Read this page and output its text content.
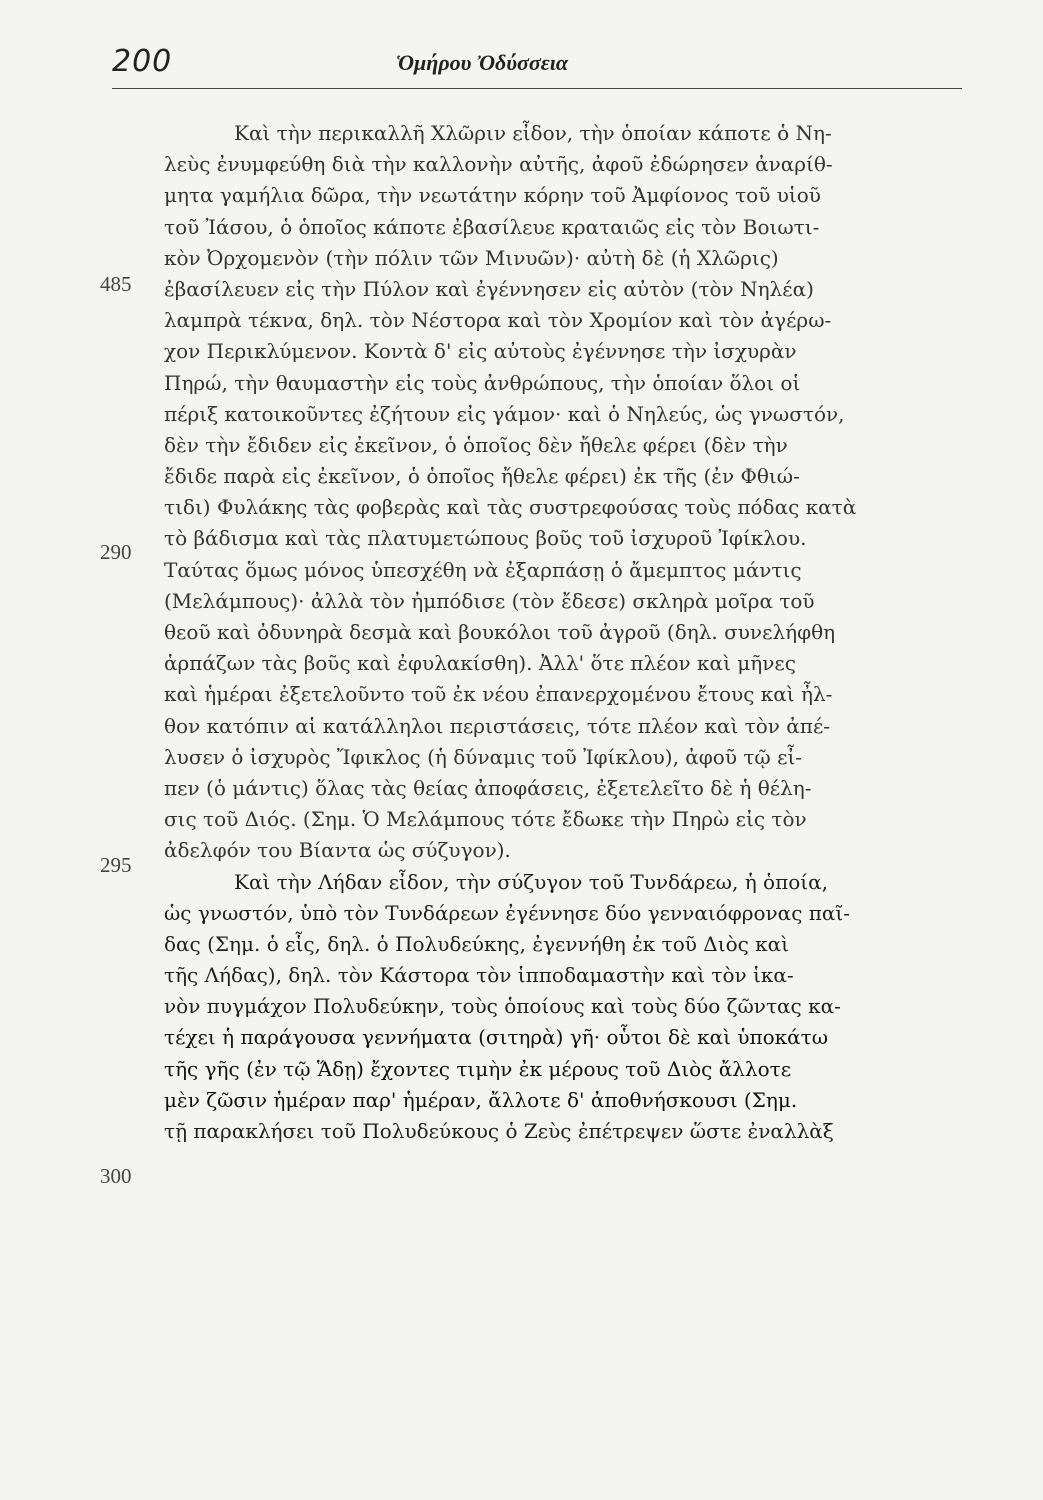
200	Ὁμήρου Ὀδύσσεια
485
290
295
300
Καὶ τὴν περικαλλῆ Χλῶριν εἶδον, τὴν ὁποίαν κάποτε ὁ Νη-
λεὺς ἐνυμφεύθη διὰ τὴν καλλονὴν αὐτῆς, ἀφοῦ ἐδώρησεν ἀναρίθ-
μητα γαμήλια δῶρα, τὴν νεωτάτην κόρην τοῦ Ἀμφίονος τοῦ υἱοῦ
τοῦ Ἰάσου, ὁ ὁποῖος κάποτε ἐβασίλευε κραταιῶς εἰς τὸν Βοιωτι-
κὸν Ὀρχομενὸν (τὴν πόλιν τῶν Μινυῶν)· αὐτὴ δὲ (ἡ Χλῶρις)
ἐβασίλευεν εἰς τὴν Πύλον καὶ ἐγέννησεν εἰς αὐτὸν (τὸν Νηλέα)
λαμπρὰ τέκνα, δηλ. τὸν Νέστορα καὶ τὸν Χρομίον καὶ τὸν ἀγέρω-
χον Περικλύμενον. Κοντὰ δ' εἰς αὐτοὺς ἐγέννησε τὴν ἰσχυρὰν
Πηρώ, τὴν θαυμαστὴν εἰς τοὺς ἀνθρώπους, τὴν ὁποίαν ὅλοι οἱ
πέριξ κατοικοῦντες ἐζήτουν εἰς γάμον· καὶ ὁ Νηλεύς, ὡς γνωστόν,
δὲν τὴν ἔδιδεν εἰς ἐκεῖνον, ὁ ὁποῖος δὲν ἤθελε φέρει (δὲν τὴν
ἔδιδε παρὰ εἰς ἐκεῖνον, ὁ ὁποῖος ἤθελε φέρει) ἐκ τῆς (ἐν Φθιώ-
τιδι) Φυλάκης τὰς φοβερὰς καὶ τὰς συστρεφούσας τοὺς πόδας κατὰ
τὸ βάδισμα καὶ τὰς πλατυμετώπους βοῦς τοῦ ἰσχυροῦ Ἰφίκλου.
Ταύτας ὅμως μόνος ὑπεσχέθη νὰ ἐξαρπάσῃ ὁ ἄμεμπτος μάντις
(Μελάμπους)· ἀλλὰ τὸν ἠμπόδισε (τὸν ἔδεσε) σκληρὰ μοῖρα τοῦ
θεοῦ καὶ ὀδυνηρὰ δεσμὰ καὶ βουκόλοι τοῦ ἀγροῦ (δηλ. συνελήφθη
ἁρπάζων τὰς βοῦς καὶ ἐφυλακίσθη). Ἀλλ' ὅτε πλέον καὶ μῆνες
καὶ ἡμέραι ἐξετελοῦντο τοῦ ἐκ νέου ἐπανερχομένου ἔτους καὶ ἦλ-
θον κατόπιν αἱ κατάλληλοι περιστάσεις, τότε πλέον καὶ τὸν ἀπέ-
λυσεν ὁ ἰσχυρὸς Ἴφικλος (ἡ δύναμις τοῦ Ἰφίκλου), ἀφοῦ τῷ εἶ-
πεν (ὁ μάντις) ὅλας τὰς θείας ἀποφάσεις, ἐξετελεῖτο δὲ ἡ θέλη-
σις τοῦ Διός. (Σημ. Ὁ Μελάμπους τότε ἔδωκε τὴν Πηρὼ εἰς τὸν
ἀδελφόν του Βίαντα ὡς σύζυγον).
Καὶ τὴν Λήδαν εἶδον, τὴν σύζυγον τοῦ Τυνδάρεω, ἡ ὁποία,
ὡς γνωστόν, ὑπὸ τὸν Τυνδάρεων ἐγέννησε δύο γενναιόφρονας παῖ-
δας (Σημ. ὁ εἷς, δηλ. ὁ Πολυδεύκης, ἐγεννήθη ἐκ τοῦ Διὸς καὶ
τῆς Λήδας), δηλ. τὸν Κάστορα τὸν ἱπποδαμαστὴν καὶ τὸν ἱκα-
νὸν πυγμάχον Πολυδεύκην, τοὺς ὁποίους καὶ τοὺς δύο ζῶντας κα-
τέχει ἡ παράγουσα γεννήματα (σιτηρὰ) γῆ· οὗτοι δὲ καὶ ὑποκάτω
τῆς γῆς (ἐν τῷ Ἅδῃ) ἔχοντες τιμὴν ἐκ μέρους τοῦ Διὸς ἄλλοτε
μὲν ζῶσιν ἡμέραν παρ' ἡμέραν, ἄλλοτε δ' ἀποθνήσκουσι (Σημ.
τῇ παρακλήσει τοῦ Πολυδεύκους ὁ Ζεὺς ἐπέτρεψεν ὥστε ἐναλλὰξ
